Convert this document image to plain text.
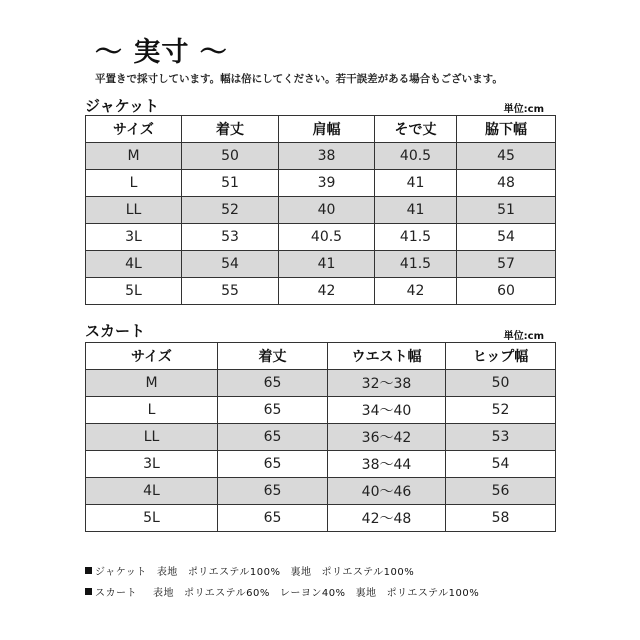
～ 実寸 ～
平置きで採寸しています。幅は倍にしてください。若干誤差がある場合もございます。
ジャケット	単位:cm
サイズ	着丈	肩幅	そで丈	脇下幅
M	50	38	40.5	45
L	51	39	41	48
LL	52	40	41	51
3L	53	40.5	41.5	54
4L	54	41	41.5	57
5L	55	42	42	60
スカート	単位:cm
サイズ	着丈	ウエスト幅	ヒップ幅
M	65	32～38	50
L	65	34～40	52
LL	65	36～42	53
3L	65	38～44	54
4L	65	40～46	56
5L	65	42～48	58
ジャケット 表地 ポリエステル100% 裏地 ポリエステル100%
スカート 表地 ポリエステル60% レーヨン40% 裏地 ポリエステル100%
